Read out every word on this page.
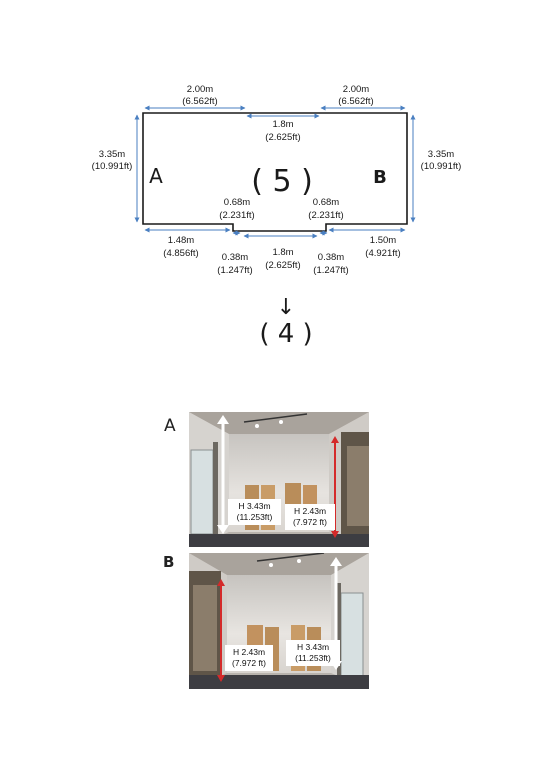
2.00m
(6.562ft)
2.00m
(6.562ft)
1.8m
(2.625ft)
3.35m
(10.991ft)
3.35m
(10.991ft)
0.68m
(2.231ft)
0.68m
(2.231ft)
1.48m
(4.856ft)
1.50m
(4.921ft)
1.8m
(2.625ft)
0.38m
(1.247ft)
0.38m
(1.247ft)
( 5 )
A	B
↓
( 4 )
A
H 3.43m
(11.253ft)
H 2.43m
(7.972 ft)
B
H 2.43m
(7.972 ft)
H 3.43m
(11.253ft)
